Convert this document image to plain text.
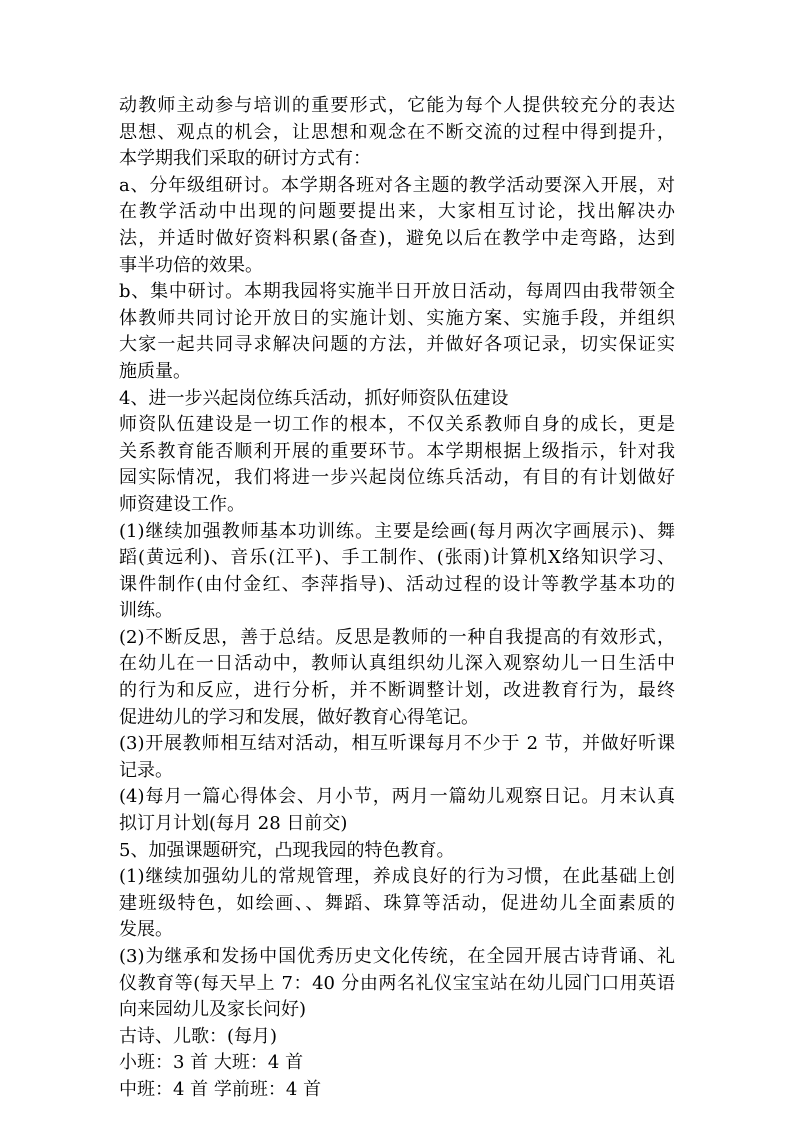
动教师主动参与培训的重要形式，它能为每个人提供较充分的表达
思想、观点的机会，让思想和观念在不断交流的过程中得到提升，
本学期我们采取的研讨方式有：
a、分年级组研讨。本学期各班对各主题的教学活动要深入开展，对
在教学活动中出现的问题要提出来，大家相互讨论，找出解决办
法，并适时做好资料积累(备查)，避免以后在教学中走弯路，达到
事半功倍的效果。
b、集中研讨。本期我园将实施半日开放日活动，每周四由我带领全
体教师共同讨论开放日的实施计划、实施方案、实施手段，并组织
大家一起共同寻求解决问题的方法，并做好各项记录，切实保证实
施质量。
4、进一步兴起岗位练兵活动，抓好师资队伍建设
师资队伍建设是一切工作的根本，不仅关系教师自身的成长，更是
关系教育能否顺利开展的重要环节。本学期根据上级指示，针对我
园实际情况，我们将进一步兴起岗位练兵活动，有目的有计划做好
师资建设工作。
(1)继续加强教师基本功训练。主要是绘画(每月两次字画展示)、舞
蹈(黄远利)、音乐(江平)、手工制作、(张雨)计算机X络知识学习、
课件制作(由付金红、李萍指导)、活动过程的设计等教学基本功的
训练。
(2)不断反思，善于总结。反思是教师的一种自我提高的有效形式，
在幼儿在一日活动中，教师认真组织幼儿深入观察幼儿一日生活中
的行为和反应，进行分析，并不断调整计划，改进教育行为，最终
促进幼儿的学习和发展，做好教育心得笔记。
(3)开展教师相互结对活动，相互听课每月不少于 2 节，并做好听课
记录。
(4)每月一篇心得体会、月小节，两月一篇幼儿观察日记。月末认真
拟订月计划(每月 28 日前交)
5、加强课题研究，凸现我园的特色教育。
(1)继续加强幼儿的常规管理，养成良好的行为习惯，在此基础上创
建班级特色，如绘画、、舞蹈、珠算等活动，促进幼儿全面素质的
发展。
(3)为继承和发扬中国优秀历史文化传统，在全园开展古诗背诵、礼
仪教育等(每天早上 7：40 分由两名礼仪宝宝站在幼儿园门口用英语
向来园幼儿及家长问好)
古诗、儿歌：(每月)
小班：3 首 大班：4 首
中班：4 首 学前班：4 首
